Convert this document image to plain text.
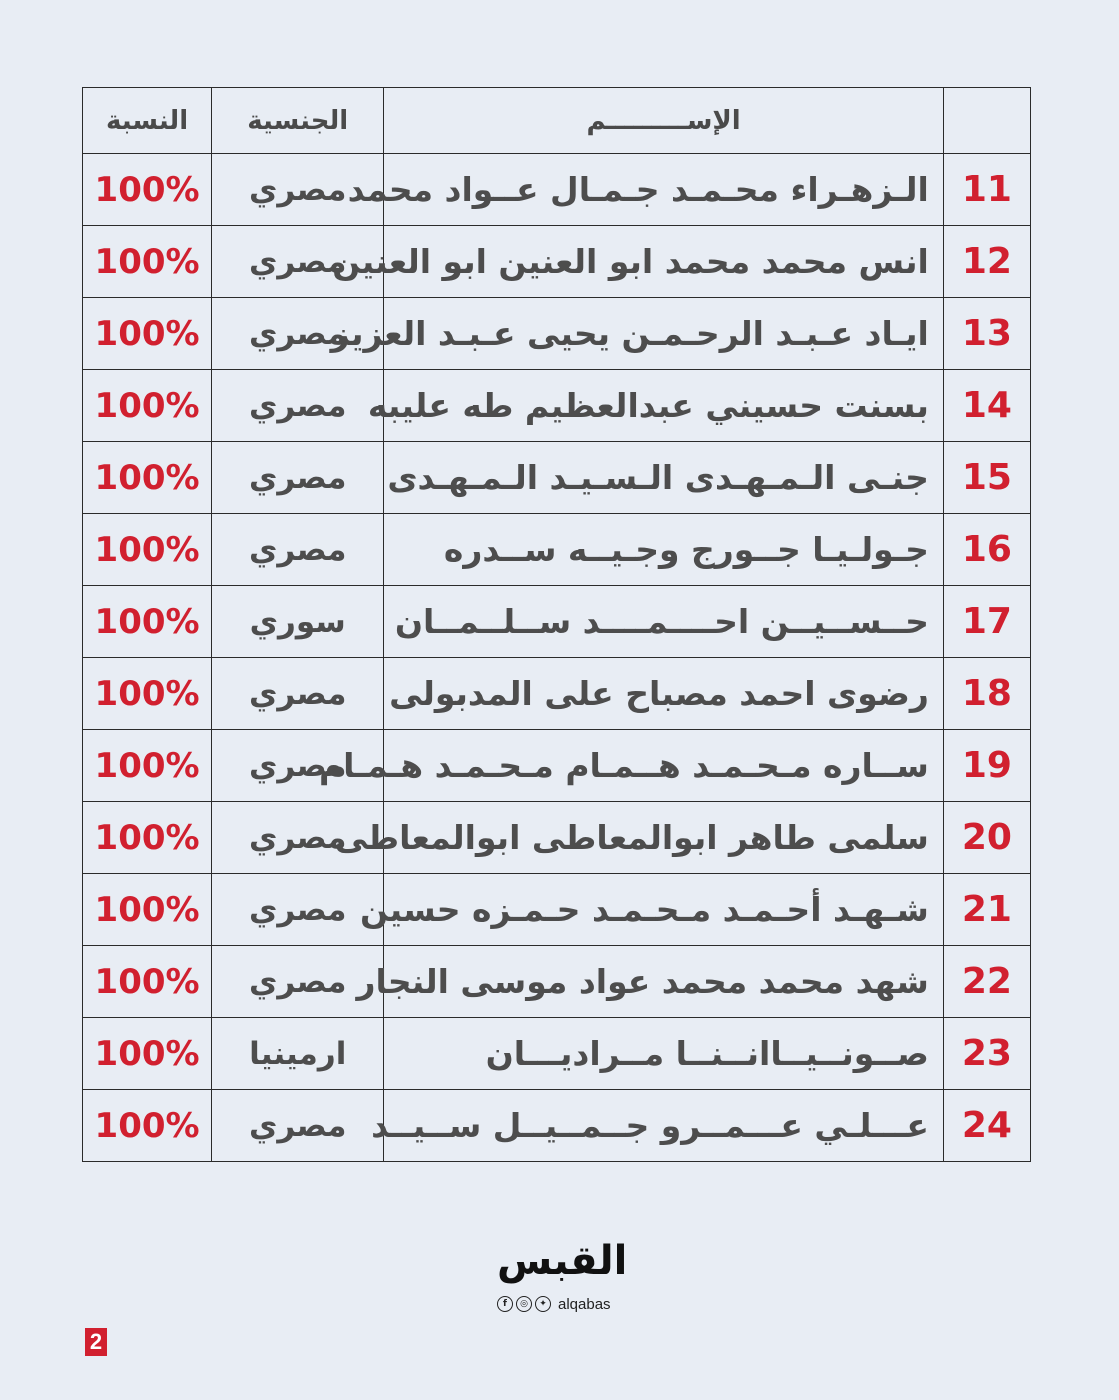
النسبة	الجنسية	الإســـــــــم	
100%	مصري	الـزهـراء محـمـد جـمـال عــواد محمد	11
100%	مصري	انس محمد محمد ابو العنين ابو العنين	12
100%	مصري	ايـاد عـبـد الرحـمـن يحيى عـبـد العزيز	13
100%	مصري	بسنت حسيني عبدالعظيم طه عليبه	14
100%	مصري	جنـى الـمـهـدى الـسـيـد الـمـهـدى	15
100%	مصري	جـولـيـا جــورج وجـيــه ســدره	16
100%	سوري	حــســيــن احــــمــــد ســلــمــان	17
100%	مصري	رضوى احمد مصباح على المدبولى	18
100%	مصري	ســاره مـحـمـد هــمـام مـحـمـد هـمـام	19
100%	مصري	سلمى طاهر ابوالمعاطى ابوالمعاطى	20
100%	مصري	شـهـد أحـمـد مـحـمـد حـمـزه حسين	21
100%	مصري	شهد محمد محمد عواد موسى النجار	22
100%	ارمينيا	صــونــيــاانــنــا مــراديـــان	23
100%	مصري	عـــلـي عـــمــرو جــمــيــل ســيــد	24
القبس
f	◎	✦ alqabas
2
